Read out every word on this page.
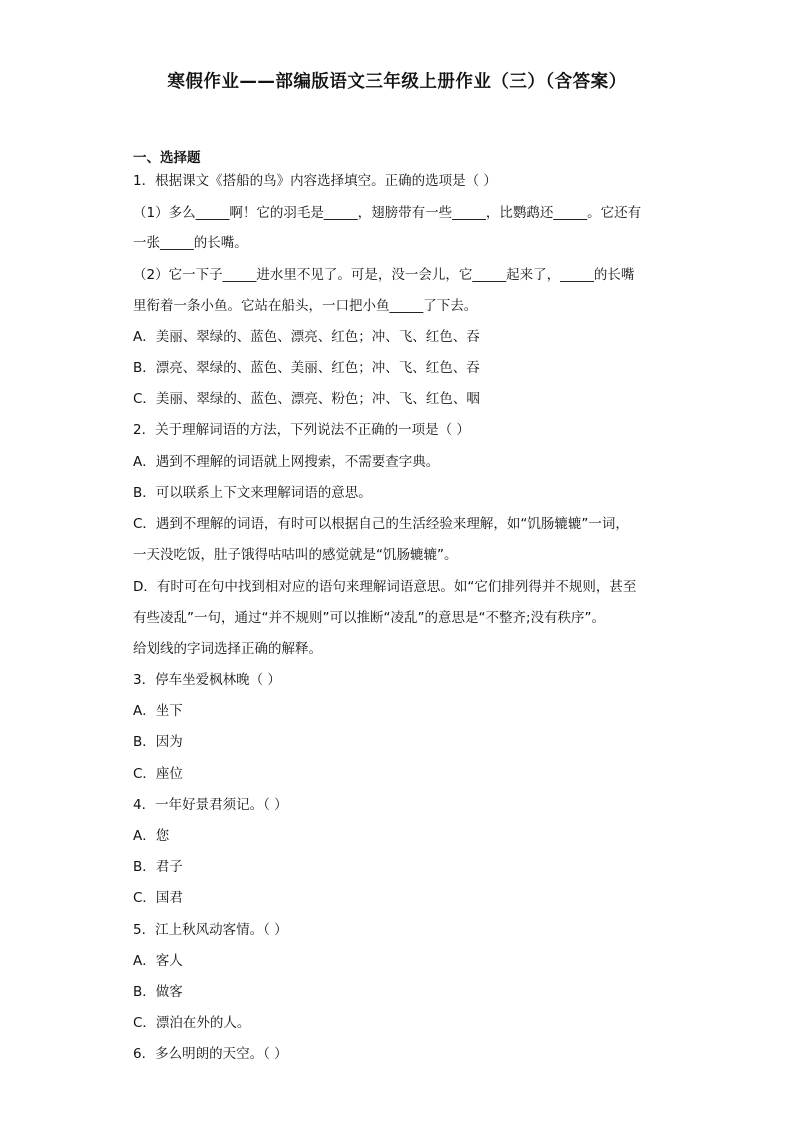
寒假作业——部编版语文三年级上册作业（三）（含答案）
一、选择题
1．根据课文《搭船的鸟》内容选择填空。正确的选项是（ ）
（1）多么_____啊！它的羽毛是_____，翅膀带有一些_____，比鹦鹉还_____。它还有
一张_____的长嘴。
（2）它一下子_____进水里不见了。可是，没一会儿，它_____起来了，_____的长嘴
里衔着一条小鱼。它站在船头，一口把小鱼_____了下去。
A．美丽、翠绿的、蓝色、漂亮、红色；冲、飞、红色、吞
B．漂亮、翠绿的、蓝色、美丽、红色；冲、飞、红色、吞
C．美丽、翠绿的、蓝色、漂亮、粉色；冲、飞、红色、咽
2．关于理解词语的方法，下列说法不正确的一项是（ ）
A．遇到不理解的词语就上网搜索，不需要查字典。
B．可以联系上下文来理解词语的意思。
C．遇到不理解的词语，有时可以根据自己的生活经验来理解，如“饥肠辘辘”一词，
一天没吃饭，肚子饿得咕咕叫的感觉就是“饥肠辘辘”。
D．有时可在句中找到相对应的语句来理解词语意思。如“它们排列得并不规则，甚至
有些凌乱”一句，通过“并不规则”可以推断“凌乱”的意思是“不整齐;没有秩序”。
给划线的字词选择正确的解释。
3．停车坐爱枫林晚（ ）
A．坐下
B．因为
C．座位
4．一年好景君须记。（ ）
A．您
B．君子
C．国君
5．江上秋风动客情。（ ）
A．客人
B．做客
C．漂泊在外的人。
6．多么明朗的天空。（ ）
